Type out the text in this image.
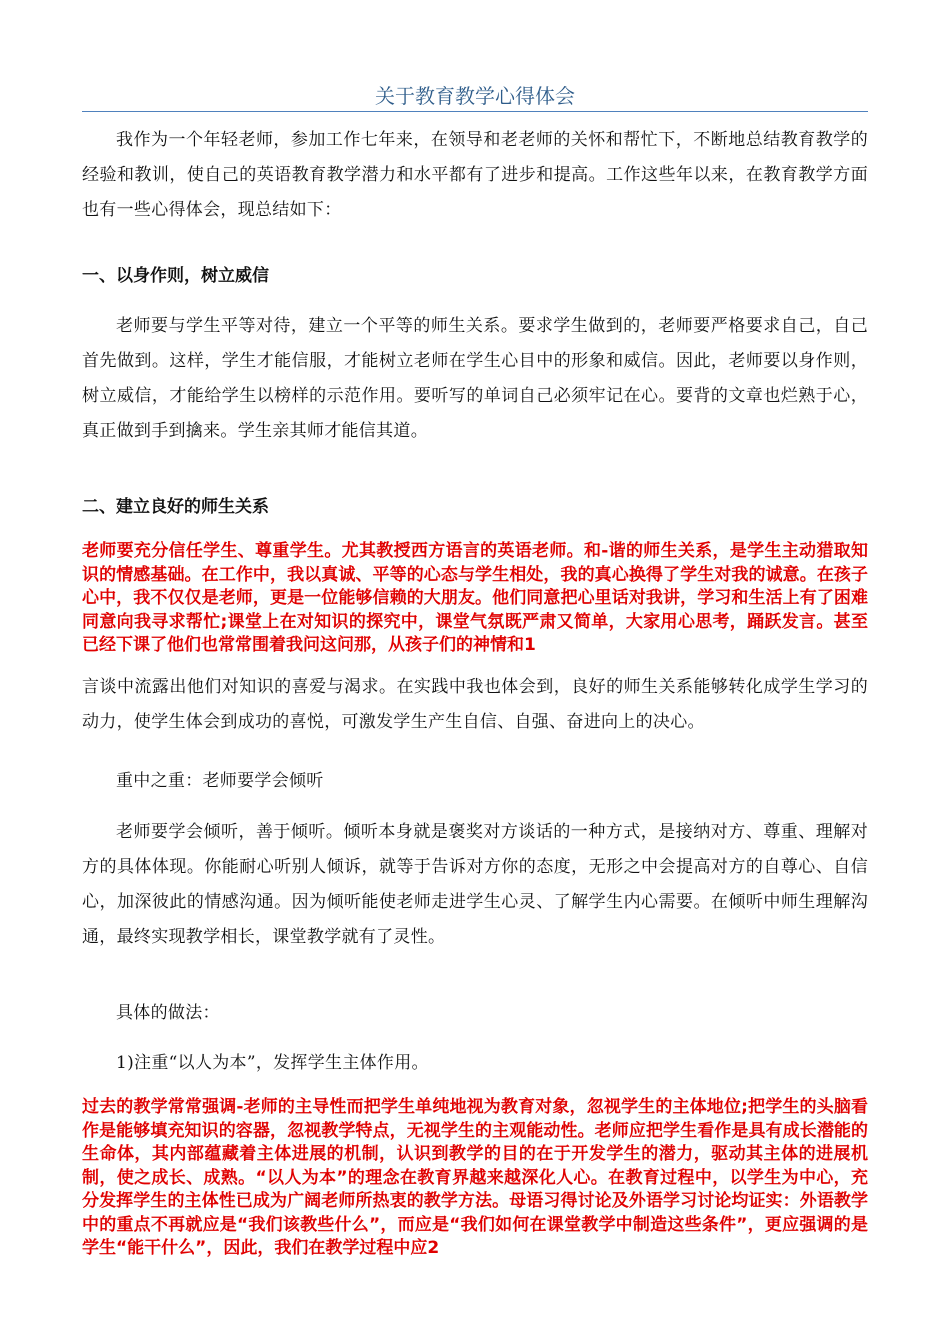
关于教育教学心得体会

我作为一个年轻老师，参加工作七年来，在领导和老老师的关怀和帮忙下，不断地总结教育教学的经验和教训，使自己的英语教育教学潜力和水平都有了进步和提高。工作这些年以来，在教育教学方面也有一些心得体会，现总结如下：

一、以身作则，树立威信

老师要与学生平等对待，建立一个平等的师生关系。要求学生做到的，老师要严格要求自己，自己首先做到。这样，学生才能信服，才能树立老师在学生心目中的形象和威信。因此，老师要以身作则，树立威信，才能给学生以榜样的示范作用。要听写的单词自己必须牢记在心。要背的文章也烂熟于心，真正做到手到擒来。学生亲其师才能信其道。

二、建立良好的师生关系

老师要充分信任学生、尊重学生。尤其教授西方语言的英语老师。和-谐的师生关系，是学生主动猎取知识的情感基础。在工作中，我以真诚、平等的心态与学生相处，我的真心换得了学生对我的诚意。在孩子心中，我不仅仅是老师，更是一位能够信赖的大朋友。他们同意把心里话对我讲，学习和生活上有了困难同意向我寻求帮忙;课堂上在对知识的探究中，课堂气氛既严肃又简单，大家用心思考，踊跃发言。甚至已经下课了他们也常常围着我问这问那，从孩子们的神情和1

言谈中流露出他们对知识的喜爱与渴求。在实践中我也体会到，良好的师生关系能够转化成学生学习的动力，使学生体会到成功的喜悦，可激发学生产生自信、自强、奋进向上的决心。

重中之重：老师要学会倾听

老师要学会倾听，善于倾听。倾听本身就是褒奖对方谈话的一种方式，是接纳对方、尊重、理解对方的具体体现。你能耐心听别人倾诉，就等于告诉对方你的态度，无形之中会提高对方的自尊心、自信心，加深彼此的情感沟通。因为倾听能使老师走进学生心灵、了解学生内心需要。在倾听中师生理解沟通，最终实现教学相长，课堂教学就有了灵性。

具体的做法：

1)注重“以人为本”，发挥学生主体作用。

过去的教学常常强调-老师的主导性而把学生单纯地视为教育对象，忽视学生的主体地位;把学生的头脑看作是能够填充知识的容器，忽视教学特点，无视学生的主观能动性。老师应把学生看作是具有成长潜能的生命体，其内部蕴藏着主体进展的机制，认识到教学的目的在于开发学生的潜力，驱动其主体的进展机制，使之成长、成熟。“以人为本”的理念在教育界越来越深化人心。在教育过程中，以学生为中心，充分发挥学生的主体性已成为广阔老师所热衷的教学方法。母语习得讨论及外语学习讨论均证实：外语教学中的重点不再就应是“我们该教些什么”，而应是“我们如何在课堂教学中制造这些条件”，更应强调的是学生“能干什么”，因此，我们在教学过程中应2
